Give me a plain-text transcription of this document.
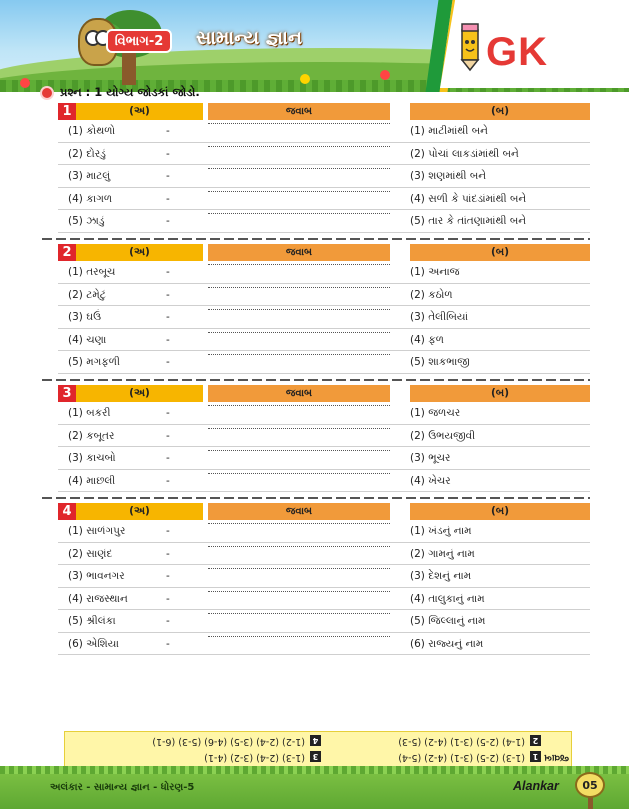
વિભાગ-2	સામાન્ય જ્ઞાન	GK
પ્રશ્ન : 1 યોગ્ય જોડકાં જોડો.
1	(અ)	જવાબ	(બ)
(1) કોથળો	-	(1) માટીમાંથી બને
(2) દોરડું	-	(2) પોચાં લાકડાંમાંથી બને
(3) માટલું	-	(3) શણમાંથી બને
(4) કાગળ	-	(4) સળી કે પાંદડાંમાંથી બને
(5) ઝાડું	-	(5) તાર કે તાંતણામાંથી બને
2	(અ)	જવાબ	(બ)
(1) તરબૂચ	-	(1) અનાજ
(2) ટમેટું	-	(2) કઠોળ
(3) ઘઉં	-	(3) તેલીબિયાં
(4) ચણા	-	(4) ફળ
(5) મગફળી	-	(5) શાકભાજી
3	(અ)	જવાબ	(બ)
(1) બકરી	-	(1) જળચર
(2) કબૂતર	-	(2) ઉભયજીવી
(3) કાચબો	-	(3) ભૂચર
(4) માછલી	-	(4) ખેચર
4	(અ)	જવાબ	(બ)
(1) સાળંગપુર	-	(1) ખંડનું નામ
(2) સાણંદ	-	(2) ગામનું નામ
(3) ભાવનગર	-	(3) દેશનું નામ
(4) રાજસ્થાન	-	(4) તાલુકાનું નામ
(5) શ્રીલંકા	-	(5) જિલ્લાનું નામ
(6) એશિયા	-	(6) રાજ્યનું નામ
1
(1-3) (2-5) (3-1) (4-2) (5-4)
2
(1-4) (2-5) (3-1) (4-2) (5-3)
3
(1-3) (2-4) (3-2) (4-1)
4
(1-2) (2-4) (3-5) (4-6) (5-3) (6-1)
જવાબ :
અલંકાર - સામાન્ય જ્ઞાન - ધોરણ-5	Alankar	05
